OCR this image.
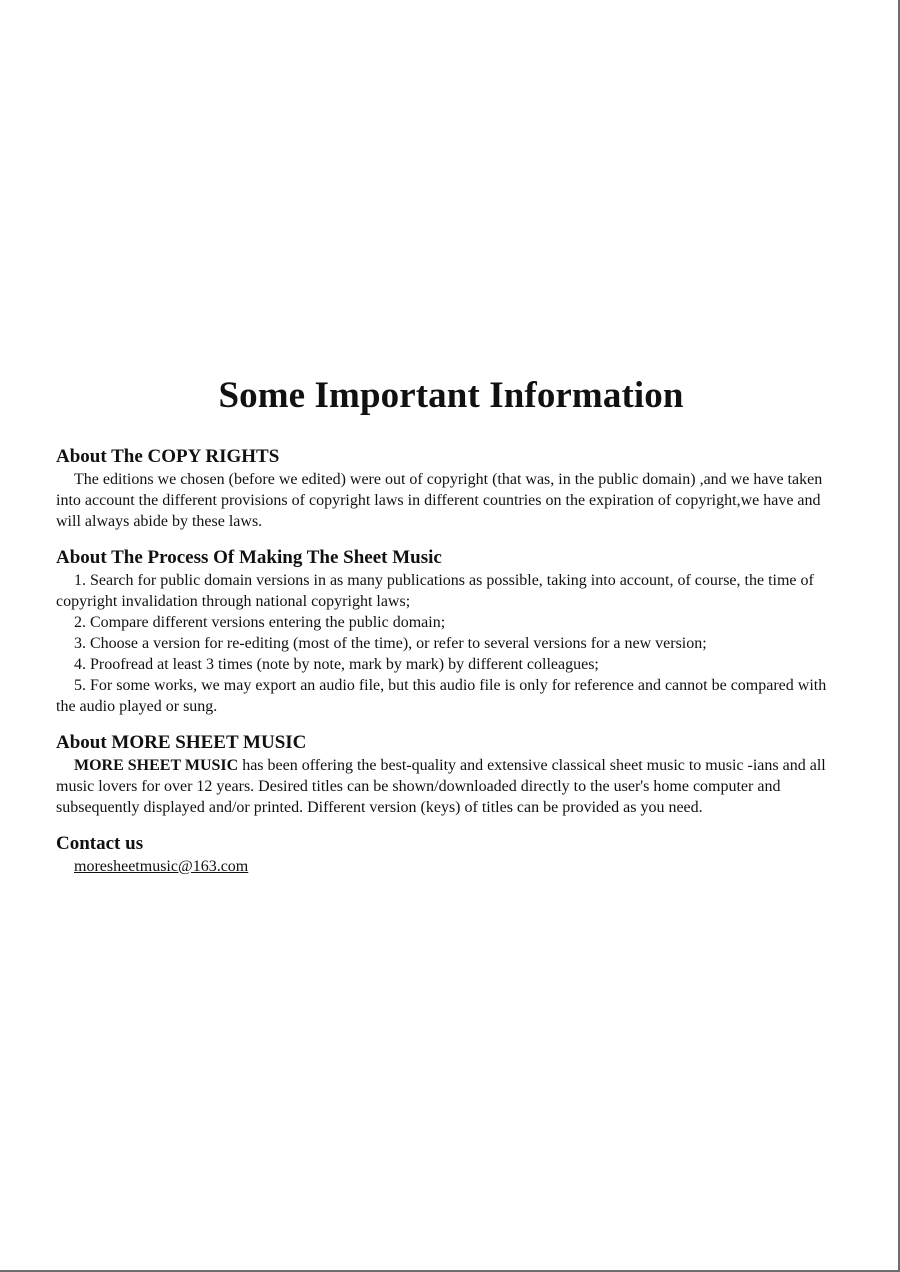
Some Important Information
About The COPY RIGHTS

The editions we chosen (before we edited) were out of copyright (that was, in the public domain) ,and we have taken into account the different provisions of copyright laws in different countries on the expiration of copyright,we have and will always abide by these laws.

About The Process Of Making The Sheet Music
1. Search for public domain versions in as many publications as possible, taking into account, of course, the time of copyright invalidation through national copyright laws;
2. Compare different versions entering the public domain;
3. Choose a version for re-editing (most of the time), or refer to several versions for a new version;
4. Proofread at least 3 times (note by note, mark by mark) by different colleagues;
5. For some works, we may export an audio file, but this audio file is only for reference and cannot be compared with the audio played or sung.
About MORE SHEET MUSIC

MORE SHEET MUSIC has been offering the best-quality and extensive classical sheet music to music -ians and all music lovers for over 12 years. Desired titles can be shown/downloaded directly to the user's home computer and subsequently displayed and/or printed. Different version (keys) of titles can be provided as you need.

Contact us

moresheetmusic@163.com
